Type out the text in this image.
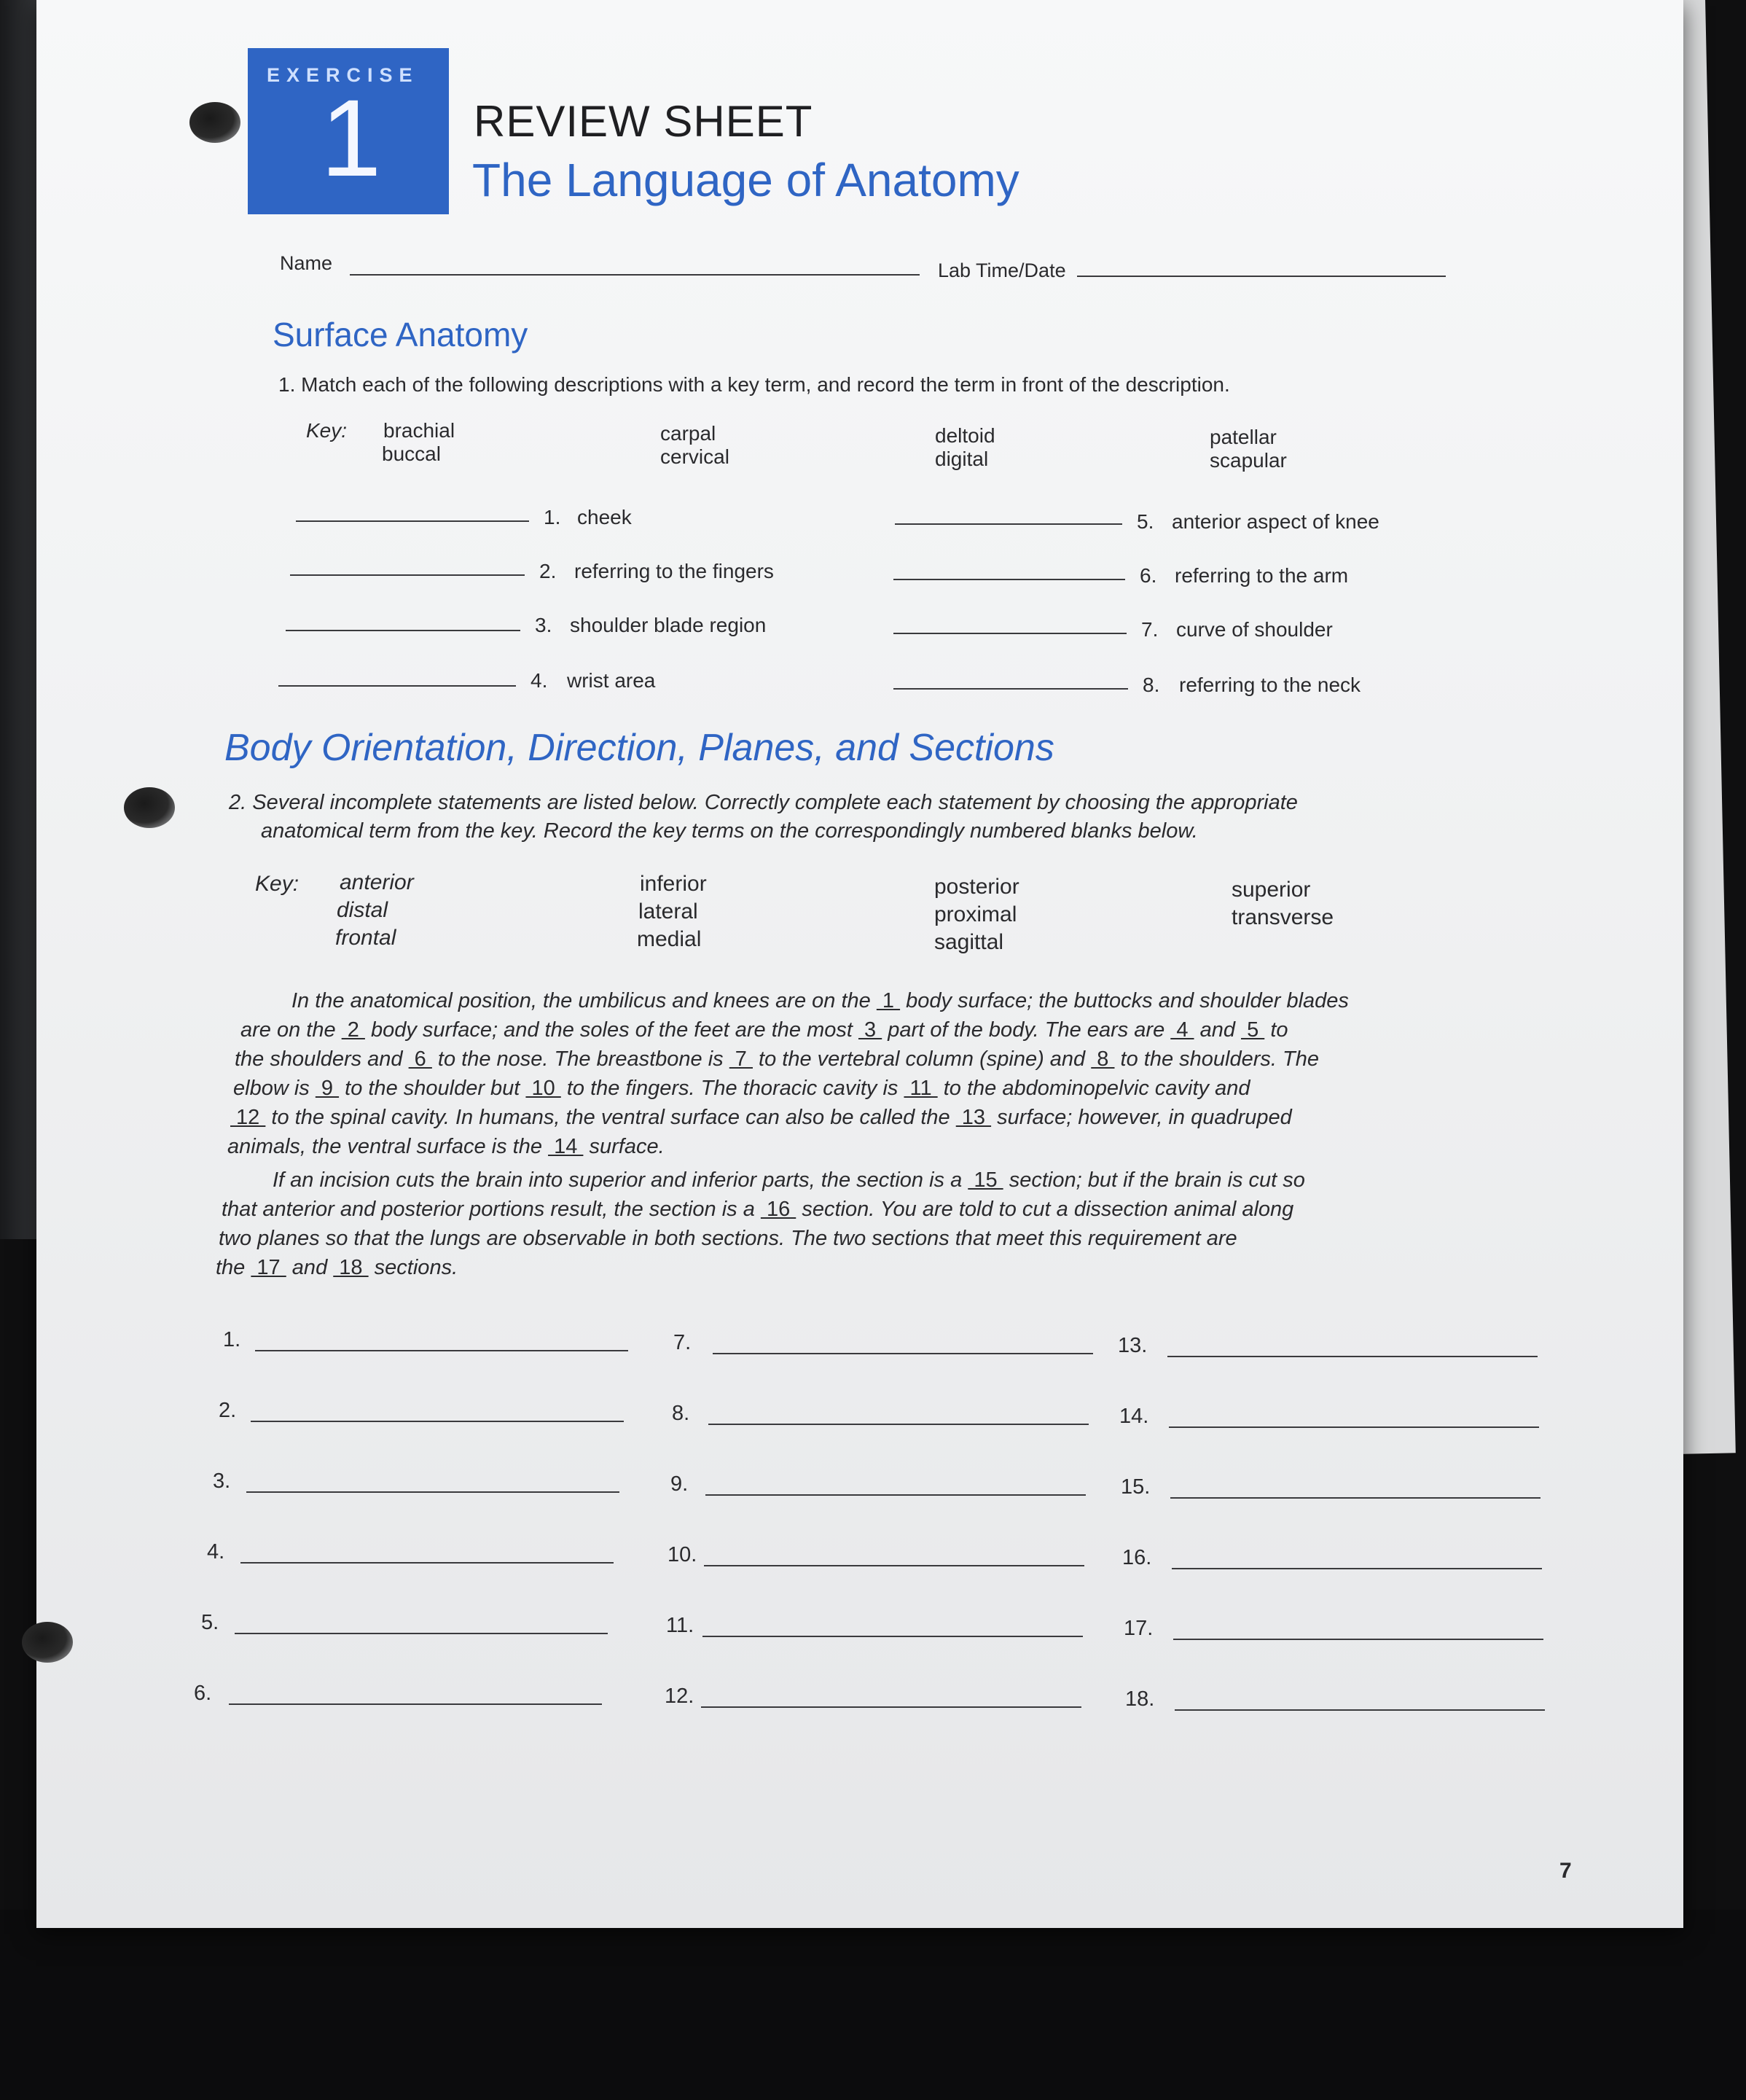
EXERCISE
1 REVIEW SHEET
The Language of Anatomy
Name	Lab Time/Date
Surface Anatomy
1. Match each of the following descriptions with a key term, and record the term in front of the description.
Key: brachial
buccal
carpal
cervical
deltoid
digital
patellar
scapular
1. cheek
2. referring to the fingers
3. shoulder blade region
4. wrist area
5. anterior aspect of knee
6. referring to the arm
7. curve of shoulder
8. referring to the neck
Body Orientation, Direction, Planes, and Sections
2. Several incomplete statements are listed below. Correctly complete each statement by choosing the appropriate
anatomical term from the key. Record the key terms on the correspondingly numbered blanks below.
Key: anterior
distal
frontal
inferior
lateral
medial
posterior
proximal
sagittal
superior
transverse
In the anatomical position, the umbilicus and knees are on the  1  body surface; the buttocks and shoulder blades
are on the  2  body surface; and the soles of the feet are the most  3  part of the body. The ears are  4  and  5  to
the shoulders and  6  to the nose. The breastbone is  7  to the vertebral column (spine) and  8  to the shoulders. The
elbow is  9  to the shoulder but  10  to the fingers. The thoracic cavity is  11  to the abdominopelvic cavity and
12  to the spinal cavity. In humans, the ventral surface can also be called the  13  surface; however, in quadruped
animals, the ventral surface is the  14  surface.
If an incision cuts the brain into superior and inferior parts, the section is a  15  section; but if the brain is cut so
that anterior and posterior portions result, the section is a  16  section. You are told to cut a dissection animal along
two planes so that the lungs are observable in both sections. The two sections that meet this requirement are
the  17  and  18  sections.
1.
2.
3.
4.
5.
6.
7.
8.
9.
10.
11.
12.
13.
14.
15.
16.
17.
18.
7
